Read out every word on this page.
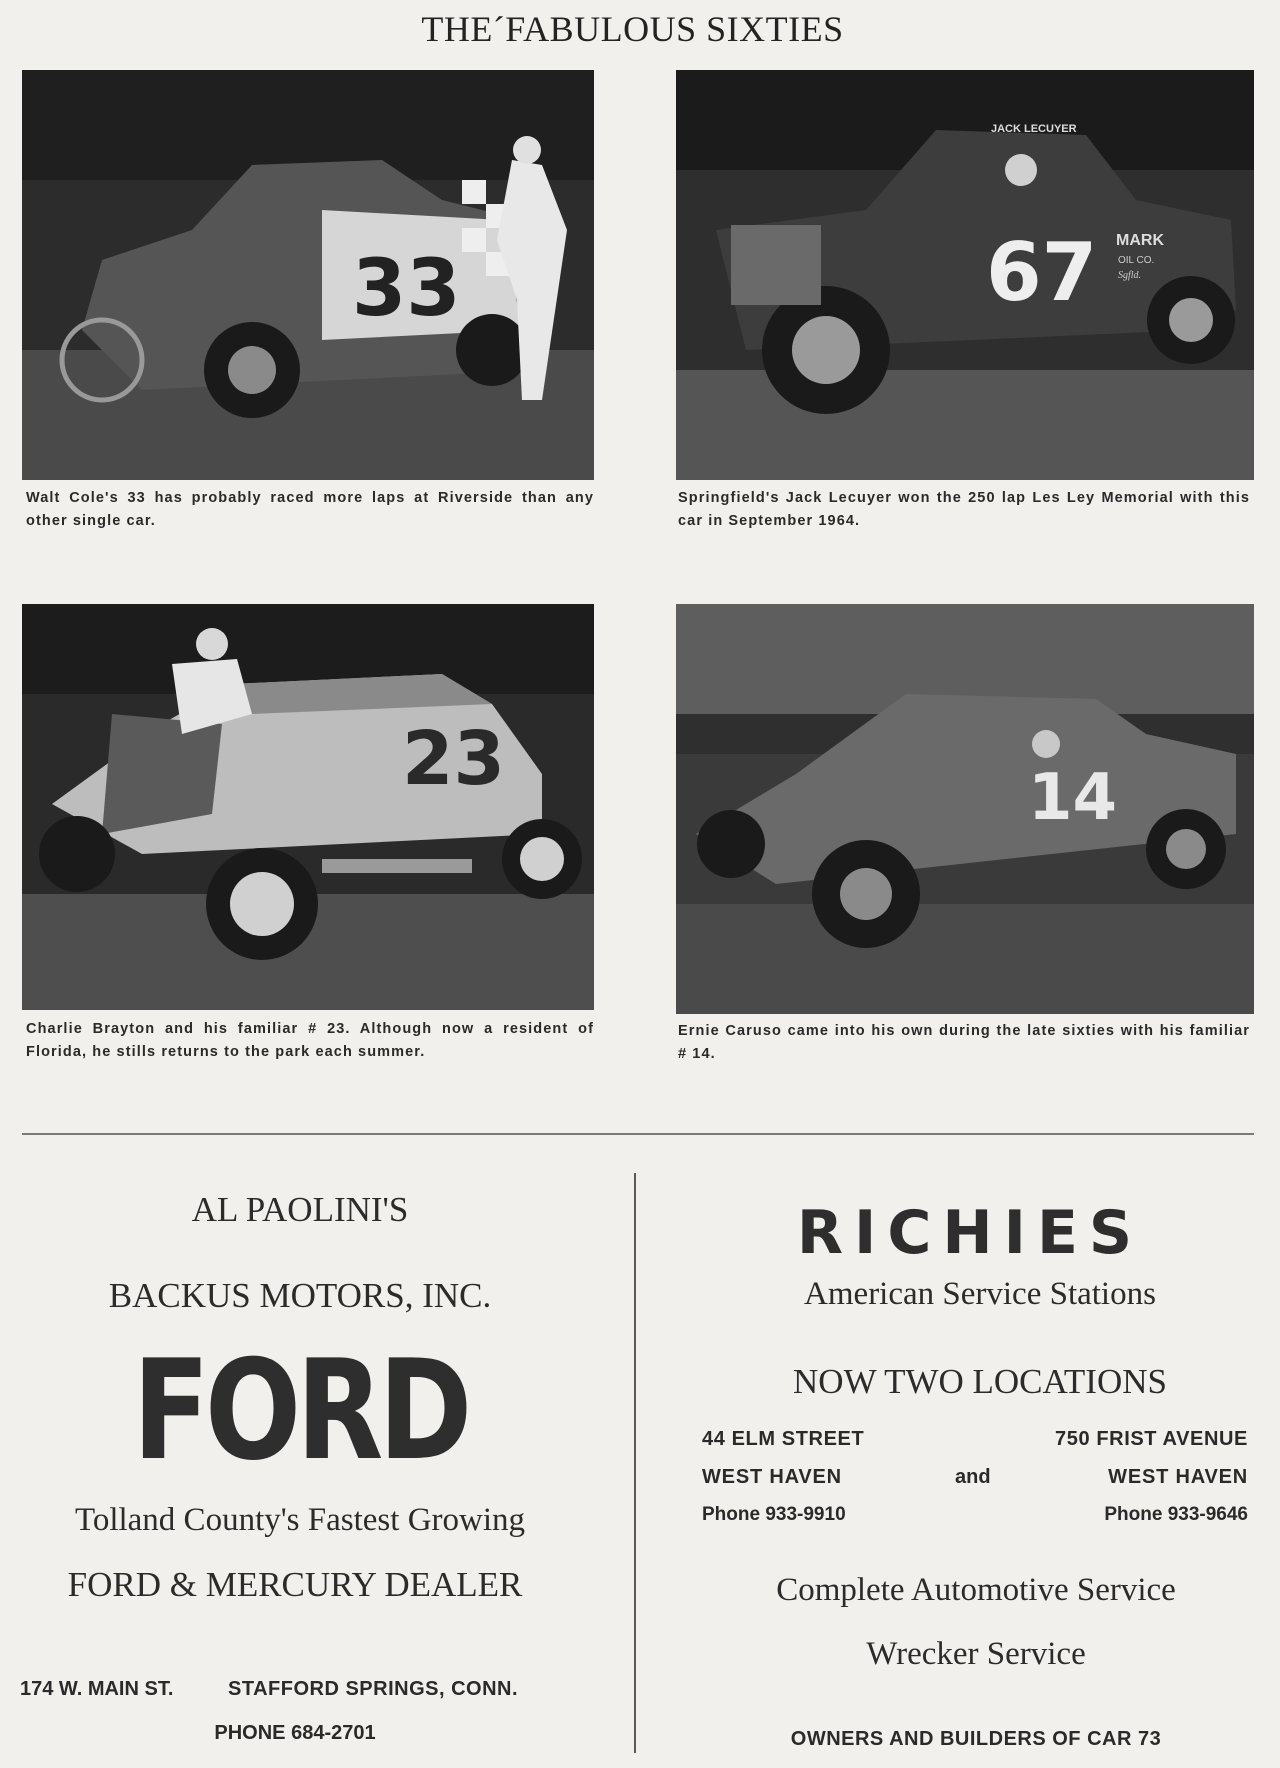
THE´FABULOUS SIXTIES
33
Walt Cole's 33 has probably raced more laps at Riverside than any other single car.
JACK LECUYER
67 MARK
OIL CO.
Sgfld.
Springfield's Jack Lecuyer won the 250 lap Les Ley Memorial with this car in September 1964.
23
Charlie Brayton and his familiar # 23. Although now a resident of Florida, he stills returns to the park each summer.
14
Ernie Caruso came into his own during the late sixties with his familiar # 14.
AL PAOLINI'S
BACKUS MOTORS, INC.
FORD
Tolland County's Fastest Growing
FORD & MERCURY DEALER
174 W. MAIN ST.	STAFFORD SPRINGS, CONN.
PHONE 684-2701
RICHIES
American Service Stations
NOW TWO LOCATIONS
44 ELM STREET
WEST HAVEN
Phone 933-9910
and
750 FRIST AVENUE
WEST HAVEN
Phone 933-9646
Complete Automotive Service
Wrecker Service
OWNERS AND BUILDERS OF CAR 73
